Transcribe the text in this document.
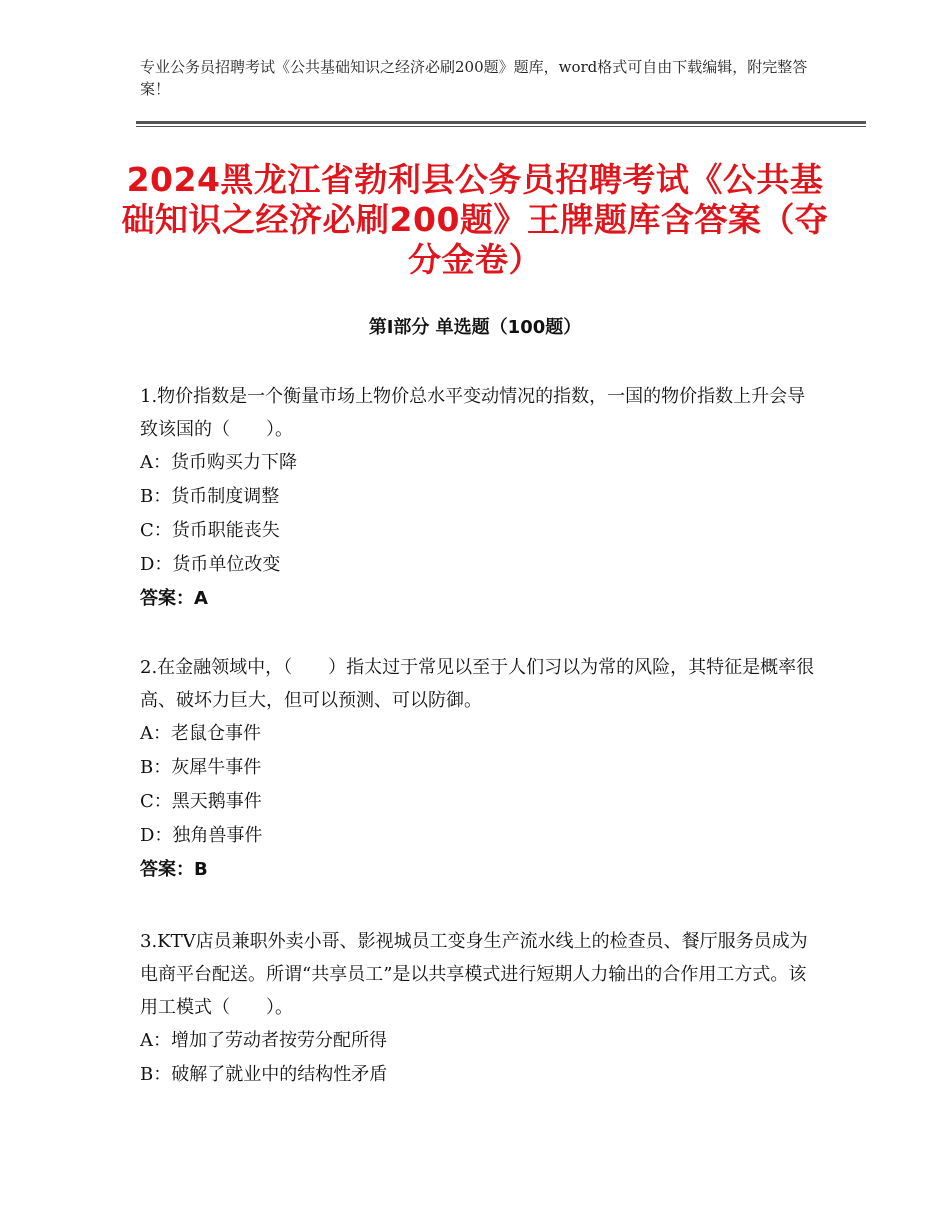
专业公务员招聘考试《公共基础知识之经济必刷200题》题库，word格式可自由下载编辑，附完整答案！
2024黑龙江省勃利县公务员招聘考试《公共基础知识之经济必刷200题》王牌题库含答案（夺分金卷）
第I部分 单选题（100题）

1.物价指数是一个衡量市场上物价总水平变动情况的指数，一国的物价指数上升会导致该国的（　　）。

A：货币购买力下降

B：货币制度调整

C：货币职能丧失

D：货币单位改变

答案：A

2.在金融领域中，（　　）指太过于常见以至于人们习以为常的风险，其特征是概率很高、破坏力巨大，但可以预测、可以防御。

A：老鼠仓事件

B：灰犀牛事件

C：黑天鹅事件

D：独角兽事件

答案：B

3.KTV店员兼职外卖小哥、影视城员工变身生产流水线上的检查员、餐厅服务员成为电商平台配送。所谓“共享员工”是以共享模式进行短期人力输出的合作用工方式。该用工模式（　　）。

A：增加了劳动者按劳分配所得

B：破解了就业中的结构性矛盾
